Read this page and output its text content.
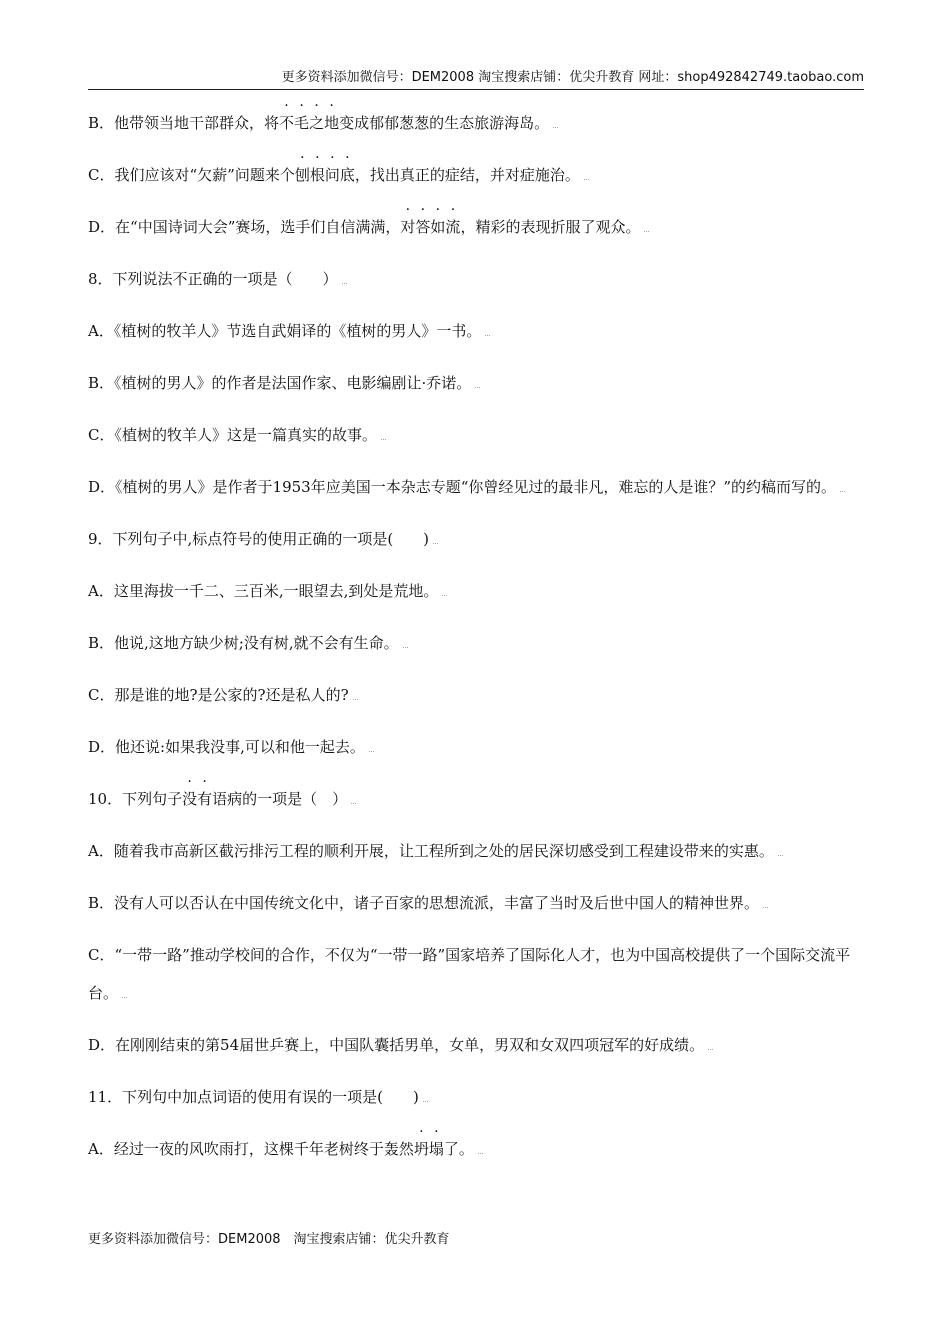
更多资料添加微信号：DEM2008 淘宝搜索店铺：优尖升教育 网址：shop492842749.taobao.com
B．他带领当地干部群众，将不毛之地变成郁郁葱葱的生态旅游海岛。
C．我们应该对“欠薪”问题来个刨根问底，找出真正的症结，并对症施治。
D．在“中国诗词大会”赛场，选手们自信满满，对答如流，精彩的表现折服了观众。
8．下列说法不正确的一项是（　　）
A．《植树的牧羊人》节选自武娟译的《植树的男人》一书。
B．《植树的男人》的作者是法国作家、电影编剧让·乔诺。
C．《植树的牧羊人》这是一篇真实的故事。
D．《植树的男人》是作者于1953年应美国一本杂志专题“你曾经见过的最非凡，难忘的人是谁？”的约稿而写的。
9．下列句子中,标点符号的使用正确的一项是(　　)
A．这里海拔一千二、三百米,一眼望去,到处是荒地。
B．他说,这地方缺少树;没有树,就不会有生命。
C．那是谁的地?是公家的?还是私人的?
D．他还说:如果我没事,可以和他一起去。
10．下列句子没有语病的一项是（　）
A．随着我市高新区截污排污工程的顺利开展，让工程所到之处的居民深切感受到工程建设带来的实惠。
B．没有人可以否认在中国传统文化中，诸子百家的思想流派，丰富了当时及后世中国人的精神世界。
C．“一带一路”推动学校间的合作，不仅为“一带一路”国家培养了国际化人才，也为中国高校提供了一个国际交流平台。
D．在刚刚结束的第54届世乒赛上，中国队囊括男单，女单，男双和女双四项冠军的好成绩。
11．下列句中加点词语的使用有误的一项是(　　)
A．经过一夜的风吹雨打，这棵千年老树终于轰然坍塌了。
更多资料添加微信号：DEM2008　淘宝搜索店铺：优尖升教育
